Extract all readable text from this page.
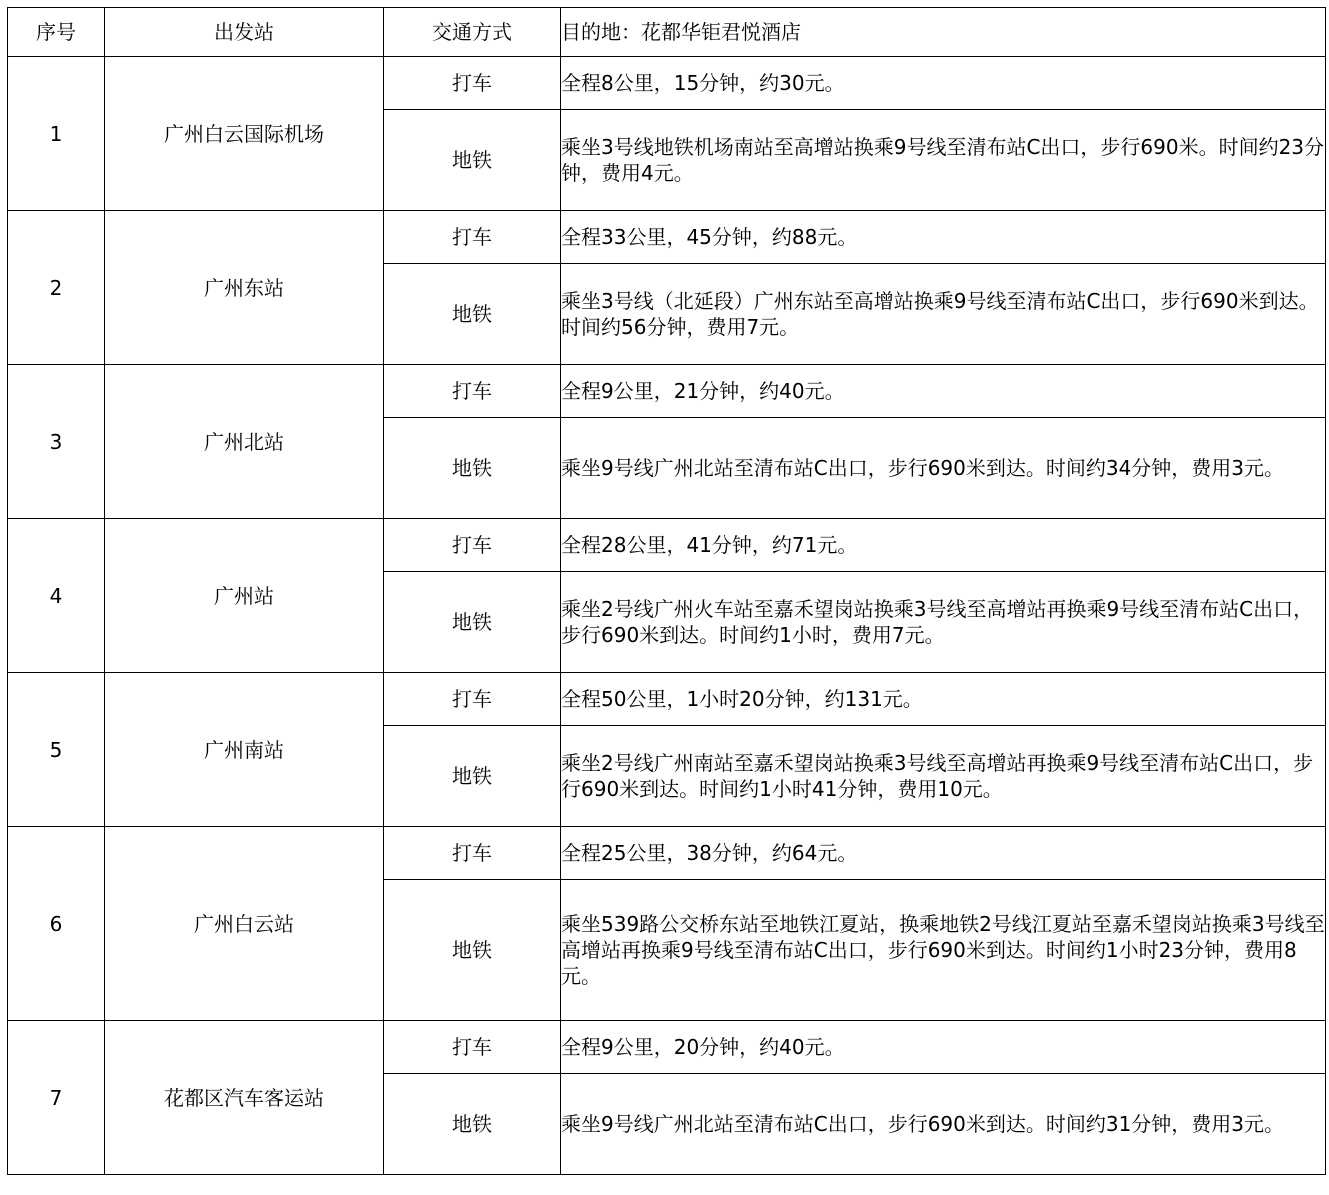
序号	出发站	交通方式	目的地：花都华钜君悦酒店
1	广州白云国际机场	打车	全程8公里，15分钟，约30元。
		地铁	乘坐3号线地铁机场南站至高增站换乘9号线至清布站C出口，步行690米。时间约23分钟，费用4元。
2	广州东站	打车	全程33公里，45分钟，约88元。
		地铁	乘坐3号线（北延段）广州东站至高增站换乘9号线至清布站C出口，步行690米到达。时间约56分钟，费用7元。
3	广州北站	打车	全程9公里，21分钟，约40元。
		地铁	乘坐9号线广州北站至清布站C出口，步行690米到达。时间约34分钟，费用3元。
4	广州站	打车	全程28公里，41分钟，约71元。
		地铁	乘坐2号线广州火车站至嘉禾望岗站换乘3号线至高增站再换乘9号线至清布站C出口，步行690米到达。时间约1小时，费用7元。
5	广州南站	打车	全程50公里，1小时20分钟，约131元。
		地铁	乘坐2号线广州南站至嘉禾望岗站换乘3号线至高增站再换乘9号线至清布站C出口，步行690米到达。时间约1小时41分钟，费用10元。
6	广州白云站	打车	全程25公里，38分钟，约64元。
		地铁	乘坐539路公交桥东站至地铁江夏站，换乘地铁2号线江夏站至嘉禾望岗站换乘3号线至高增站再换乘9号线至清布站C出口，步行690米到达。时间约1小时23分钟，费用8元。
7	花都区汽车客运站	打车	全程9公里，20分钟，约40元。
		地铁	乘坐9号线广州北站至清布站C出口，步行690米到达。时间约31分钟，费用3元。
